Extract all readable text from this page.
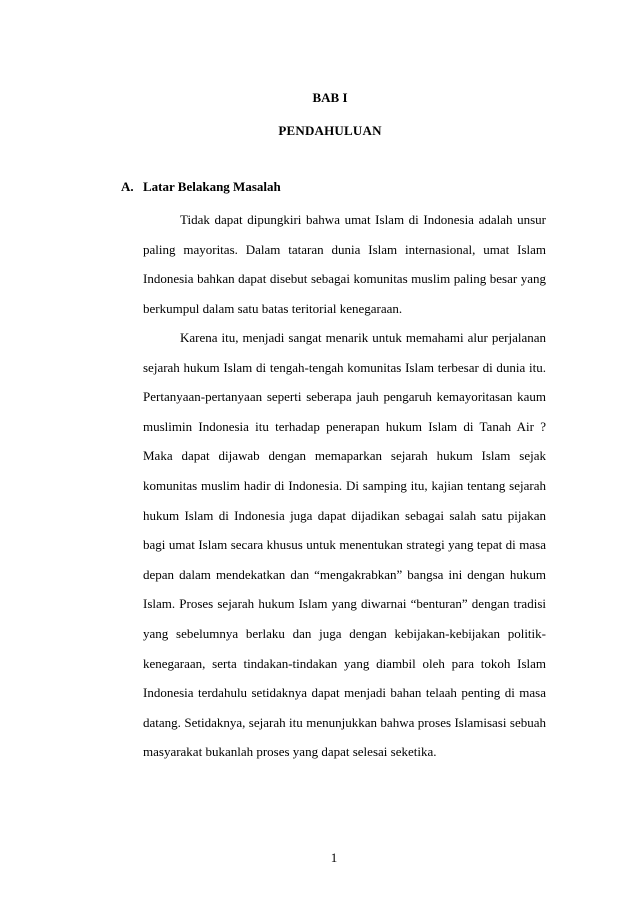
BAB I
PENDAHULUAN
A. Latar Belakang Masalah

Tidak dapat dipungkiri bahwa umat Islam di Indonesia adalah unsur paling mayoritas. Dalam tataran dunia Islam internasional, umat Islam Indonesia bahkan dapat disebut sebagai komunitas muslim paling besar yang berkumpul dalam satu batas teritorial kenegaraan.

Karena itu, menjadi sangat menarik untuk memahami alur perjalanan sejarah hukum Islam di tengah-tengah komunitas Islam terbesar di dunia itu. Pertanyaan-pertanyaan seperti seberapa jauh pengaruh kemayoritasan kaum muslimin Indonesia itu terhadap penerapan hukum Islam di Tanah Air ? Maka dapat dijawab dengan memaparkan sejarah hukum Islam sejak komunitas muslim hadir di Indonesia. Di samping itu, kajian tentang sejarah hukum Islam di Indonesia juga dapat dijadikan sebagai salah satu pijakan bagi umat Islam secara khusus untuk menentukan strategi yang tepat di masa depan dalam mendekatkan dan “mengakrabkan” bangsa ini dengan hukum Islam. Proses sejarah hukum Islam yang diwarnai “benturan” dengan tradisi yang sebelumnya berlaku dan juga dengan kebijakan-kebijakan politik-kenegaraan, serta tindakan-tindakan yang diambil oleh para tokoh Islam Indonesia terdahulu setidaknya dapat menjadi bahan telaah penting di masa datang. Setidaknya, sejarah itu menunjukkan bahwa proses Islamisasi sebuah masyarakat bukanlah proses yang dapat selesai seketika.

1
